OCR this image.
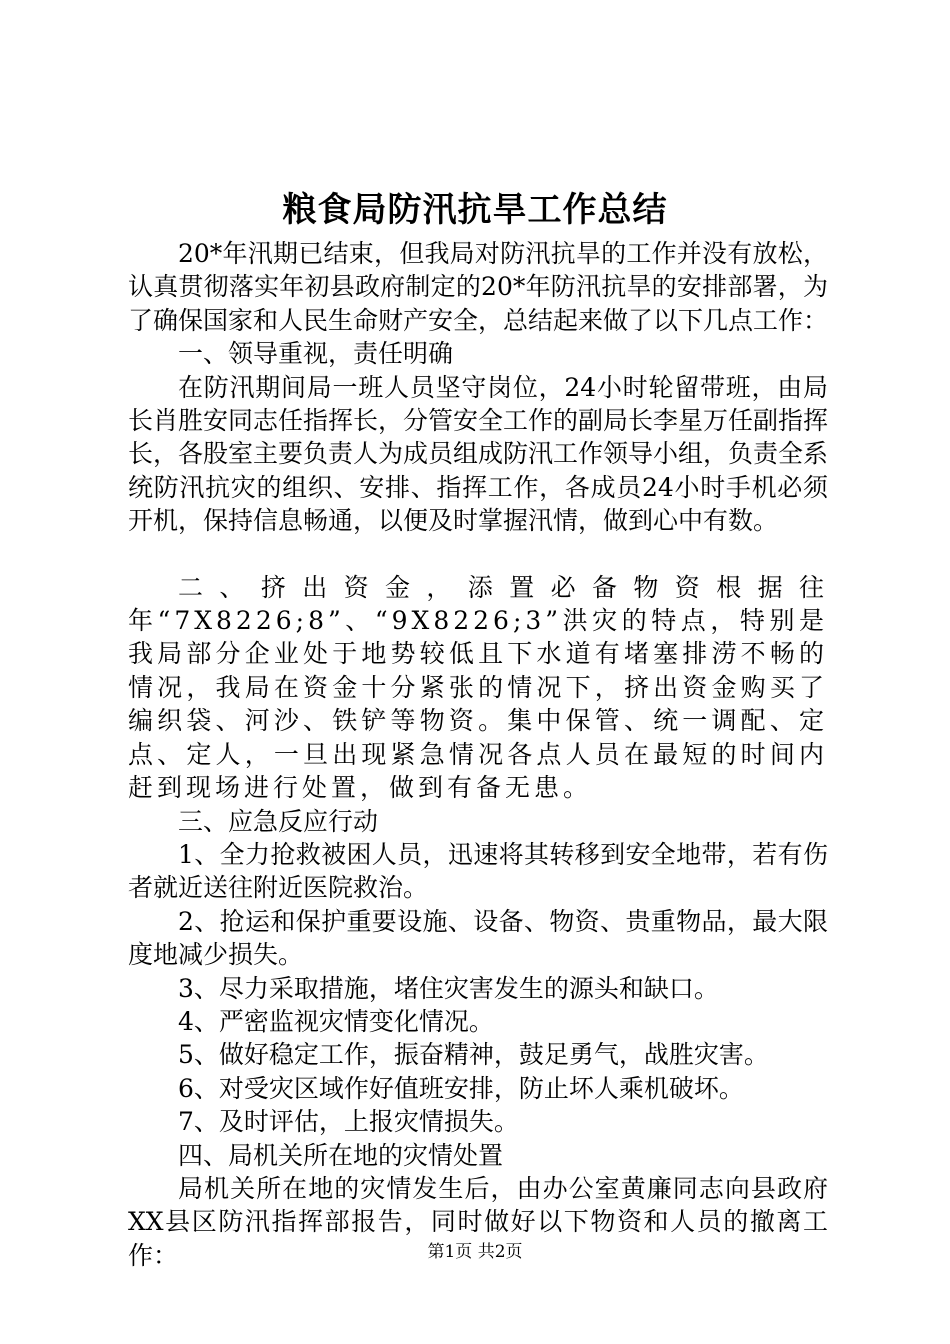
粮食局防汛抗旱工作总结

20*年汛期已结束，但我局对防汛抗旱的工作并没有放松，认真贯彻落实年初县政府制定的20*年防汛抗旱的安排部署，为了确保国家和人民生命财产安全，总结起来做了以下几点工作：

一、领导重视，责任明确

在防汛期间局一班人员坚守岗位，24小时轮留带班，由局长肖胜安同志任指挥长，分管安全工作的副局长李星万任副指挥长，各股室主要负责人为成员组成防汛工作领导小组，负责全系统防汛抗灾的组织、安排、指挥工作，各成员24小时手机必须开机，保持信息畅通，以便及时掌握汛情，做到心中有数。

二、挤出资金，添置必备物资根据往年“7X8226;8”、“9X8226;3”洪灾的特点，特别是我局部分企业处于地势较低且下水道有堵塞排涝不畅的情况，我局在资金十分紧张的情况下，挤出资金购买了编织袋、河沙、铁铲等物资。集中保管、统一调配、定点、定人，一旦出现紧急情况各点人员在最短的时间内赶到现场进行处置，做到有备无患。

三、应急反应行动

1、全力抢救被困人员，迅速将其转移到安全地带，若有伤者就近送往附近医院救治。

2、抢运和保护重要设施、设备、物资、贵重物品，最大限度地减少损失。

3、尽力采取措施，堵住灾害发生的源头和缺口。

4、严密监视灾情变化情况。

5、做好稳定工作，振奋精神，鼓足勇气，战胜灾害。

6、对受灾区域作好值班安排，防止坏人乘机破坏。

7、及时评估，上报灾情损失。

四、局机关所在地的灾情处置

局机关所在地的灾情发生后，由办公室黄廉同志向县政府XX县区防汛指挥部报告，同时做好以下物资和人员的撤离工作：	第1页 共2页
